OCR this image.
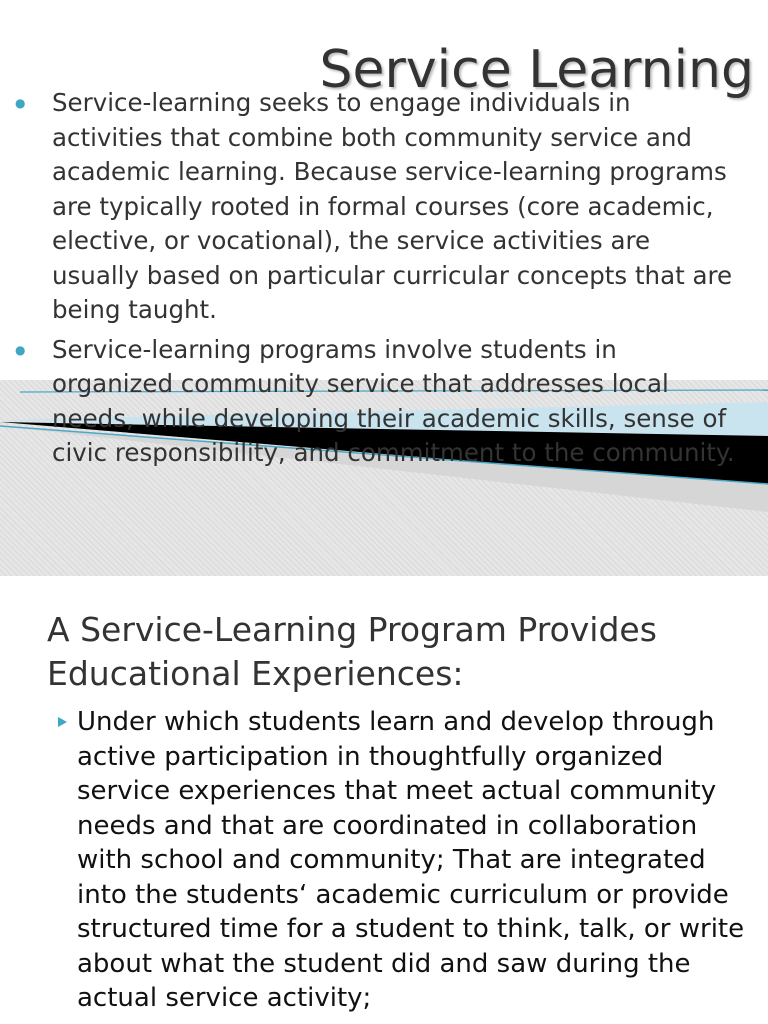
Service Learning
● Service-learning seeks to engage individuals in activities that combine both community service and academic learning. Because service-learning programs are typically rooted in formal courses (core academic, elective, or vocational), the service activities are usually based on particular curricular concepts that are being taught.
● Service-learning programs involve students in organized community service that addresses local needs, while developing their academic skills, sense of civic responsibility, and commitment to the community.
A Service-Learning Program Provides Educational Experiences:
Under which students learn and develop through active participation in thoughtfully organized service experiences that meet actual community needs and that are coordinated in collaboration with school and community; That are integrated into the students‘ academic curriculum or provide structured time for a student to think, talk, or write about what the student did and saw during the actual service activity;
